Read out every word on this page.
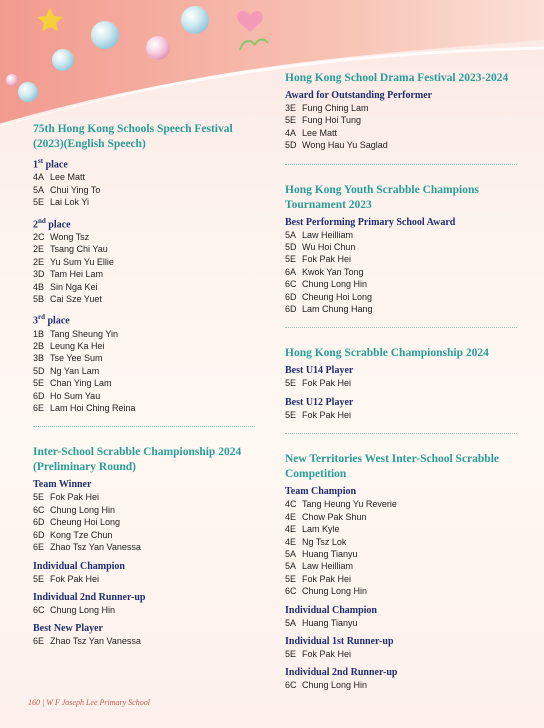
75th Hong Kong Schools Speech Festival (2023)(English Speech)
1st place
4A Lee Matt
5A Chui Ying To
5E Lai Lok Yi
2nd place
2C Wong Tsz
2E Tsang Chi Yau
2E Yu Sum Yu Ellie
3D Tam Hei Lam
4B Sin Nga Kei
5B Cai Sze Yuet
3rd place
1B Tang Sheung Yin
2B Leung Ka Hei
3B Tse Yee Sum
5D Ng Yan Lam
5E Chan Ying Lam
6D Ho Sum Yau
6E Lam Hoi Ching Reina
Inter-School Scrabble Championship 2024 (Preliminary Round)
Team Winner
5E Fok Pak Hei
6C Chung Long Hin
6D Cheung Hoi Long
6D Kong Tze Chun
6E Zhao Tsz Yan Vanessa
Individual Champion
5E Fok Pak Hei
Individual 2nd Runner-up
6C Chung Long Hin
Best New Player
6E Zhao Tsz Yan Vanessa
Hong Kong School Drama Festival 2023-2024
Award for Outstanding Performer
3E Fung Ching Lam
5E Fung Hoi Tung
4A Lee Matt
5D Wong Hau Yu Saglad
Hong Kong Youth Scrabble Champions Tournament 2023
Best Performing Primary School Award
5A Law Heilliam
5D Wu Hoi Chun
5E Fok Pak Hei
6A Kwok Yan Tong
6C Chung Long Hin
6D Cheung Hoi Long
6D Lam Chung Hang
Hong Kong Scrabble Championship 2024
Best U14 Player
5E Fok Pak Hei
Best U12 Player
5E Fok Pak Hei
New Territories West Inter-School Scrabble Competition
Team Champion
4C Tang Heung Yu Reverie
4E Chow Pak Shun
4E Lam Kyle
4E Ng Tsz Lok
5A Huang Tianyu
5A Law Heilliam
5E Fok Pak Hei
6C Chung Long Hin
Individual Champion
5A Huang Tianyu
Individual 1st Runner-up
5E Fok Pak Hei
Individual 2nd Runner-up
6C Chung Long Hin
160 | W F Joseph Lee Primary School
